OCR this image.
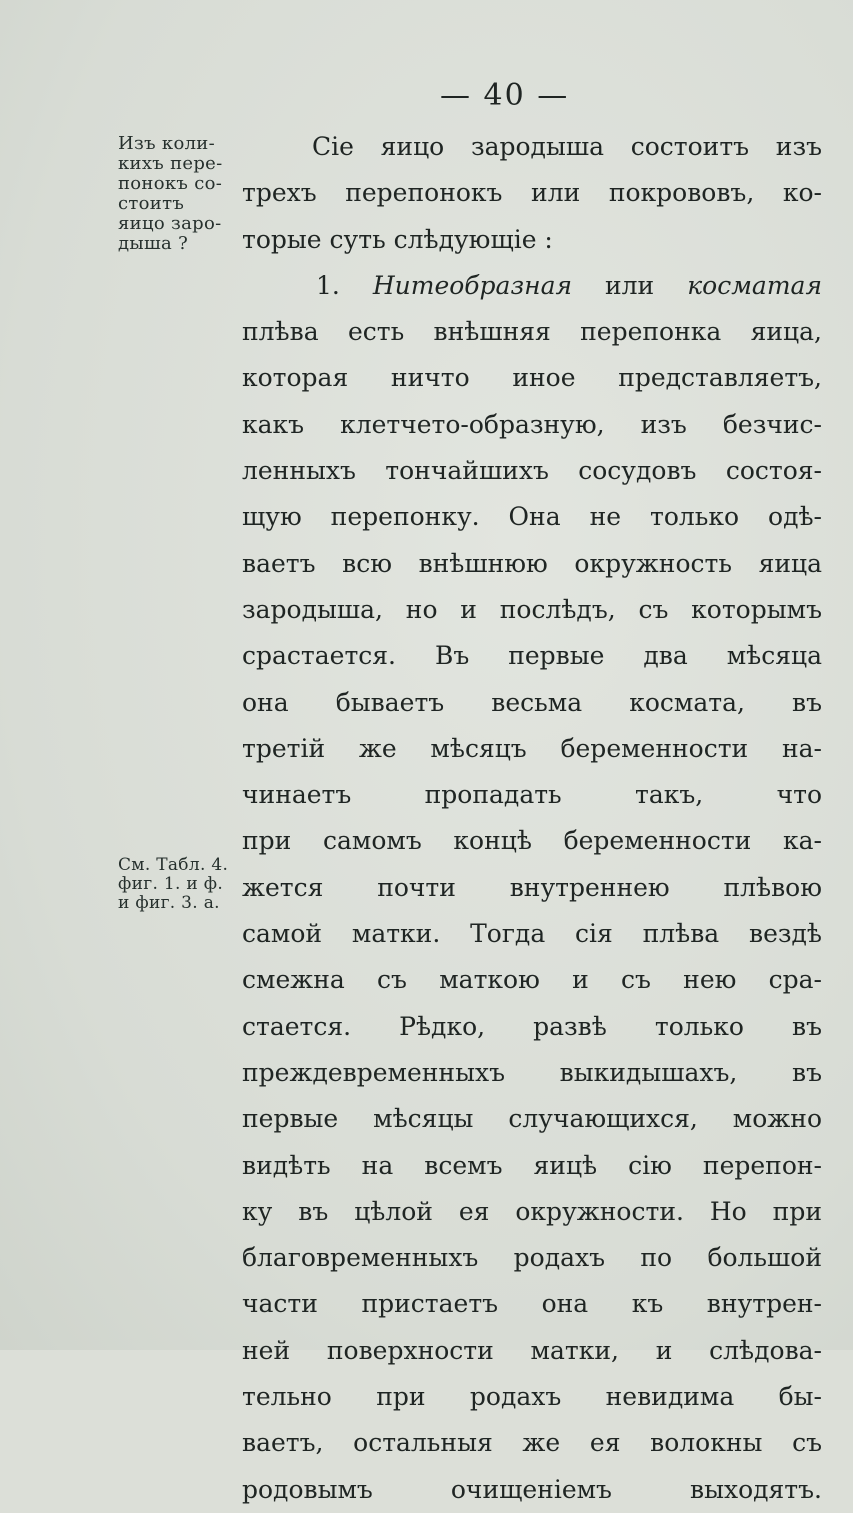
— 40 —
Изъ коли-
кихъ пере-
понокъ со-
стоитъ
яицо заро-
дыша ?
См. Табл. 4.
фиг. 1. и ф.
и фиг. 3. а.
Сіе яицо зародыша состоитъ изъ
трехъ перепонокъ или покрововъ, ко-
торые суть слѣдующіе :
1. Нитеобразная или косматая
плѣва есть внѣшняя перепонка яица,
которая ничто иное представляетъ,
какъ клетчето-образную, изъ безчис-
ленныхъ тончайшихъ сосудовъ состоя-
щую перепонку. Она не только одѣ-
ваетъ всю внѣшнюю окружность яица
зародыша, но и послѣдъ, съ которымъ
срастается. Въ первые два мѣсяца
она бываетъ весьма космата, въ
третій же мѣсяцъ беременности на-
чинаетъ пропадать такъ, что
при самомъ концѣ беременности ка-
жется почти внутреннею плѣвою
самой матки. Тогда сія плѣва вездѣ
смежна съ маткою и съ нею сра-
стается. Рѣдко, развѣ только въ
преждевременныхъ выкидышахъ, въ
первые мѣсяцы случающихся, можно
видѣть на всемъ яицѣ сію перепон-
ку въ цѣлой ея окружности. Но при
благовременныхъ родахъ по большой
части пристаетъ она къ внутрен-
ней поверхности матки, и слѣдова-
тельно при родахъ невидима бы-
ваетъ, остальныя же ея волокны съ
родовымъ очищеніемъ выходятъ.
